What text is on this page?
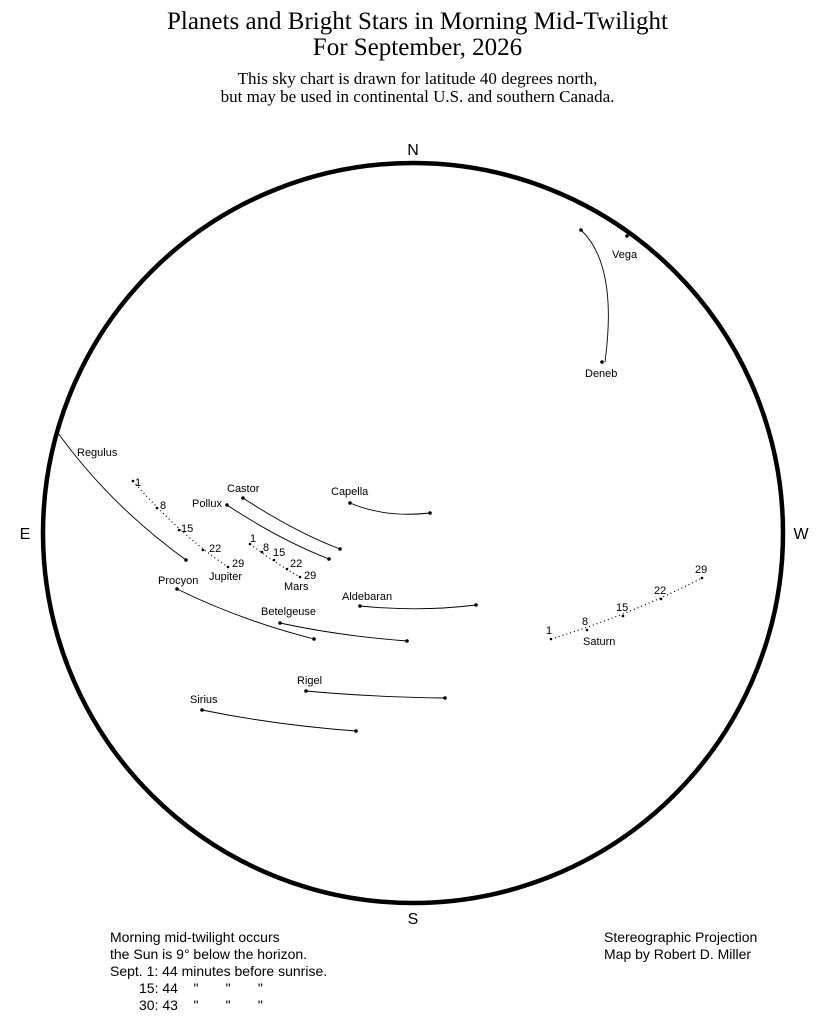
Planets and Bright Stars in Morning Mid-Twilight
For September, 2026
This sky chart is drawn for latitude 40 degrees north,
but may be used in continental U.S. and southern Canada.
N
S
E	W
Vega
Deneb
Regulus
Castor
Pollux
Capella
Procyon
Aldebaran
Betelgeuse
Rigel
Sirius
1
8
15
22
29
Jupiter
1
8 15
22
29
Mars
1
8
15
22
29
Saturn
Morning mid-twilight occurs
the Sun is 9° below the horizon.
Sept. 1: 44 minutes before sunrise.
15: 44    "       "       "
30: 43    "       "       "
Stereographic Projection
Map by Robert D. Miller
